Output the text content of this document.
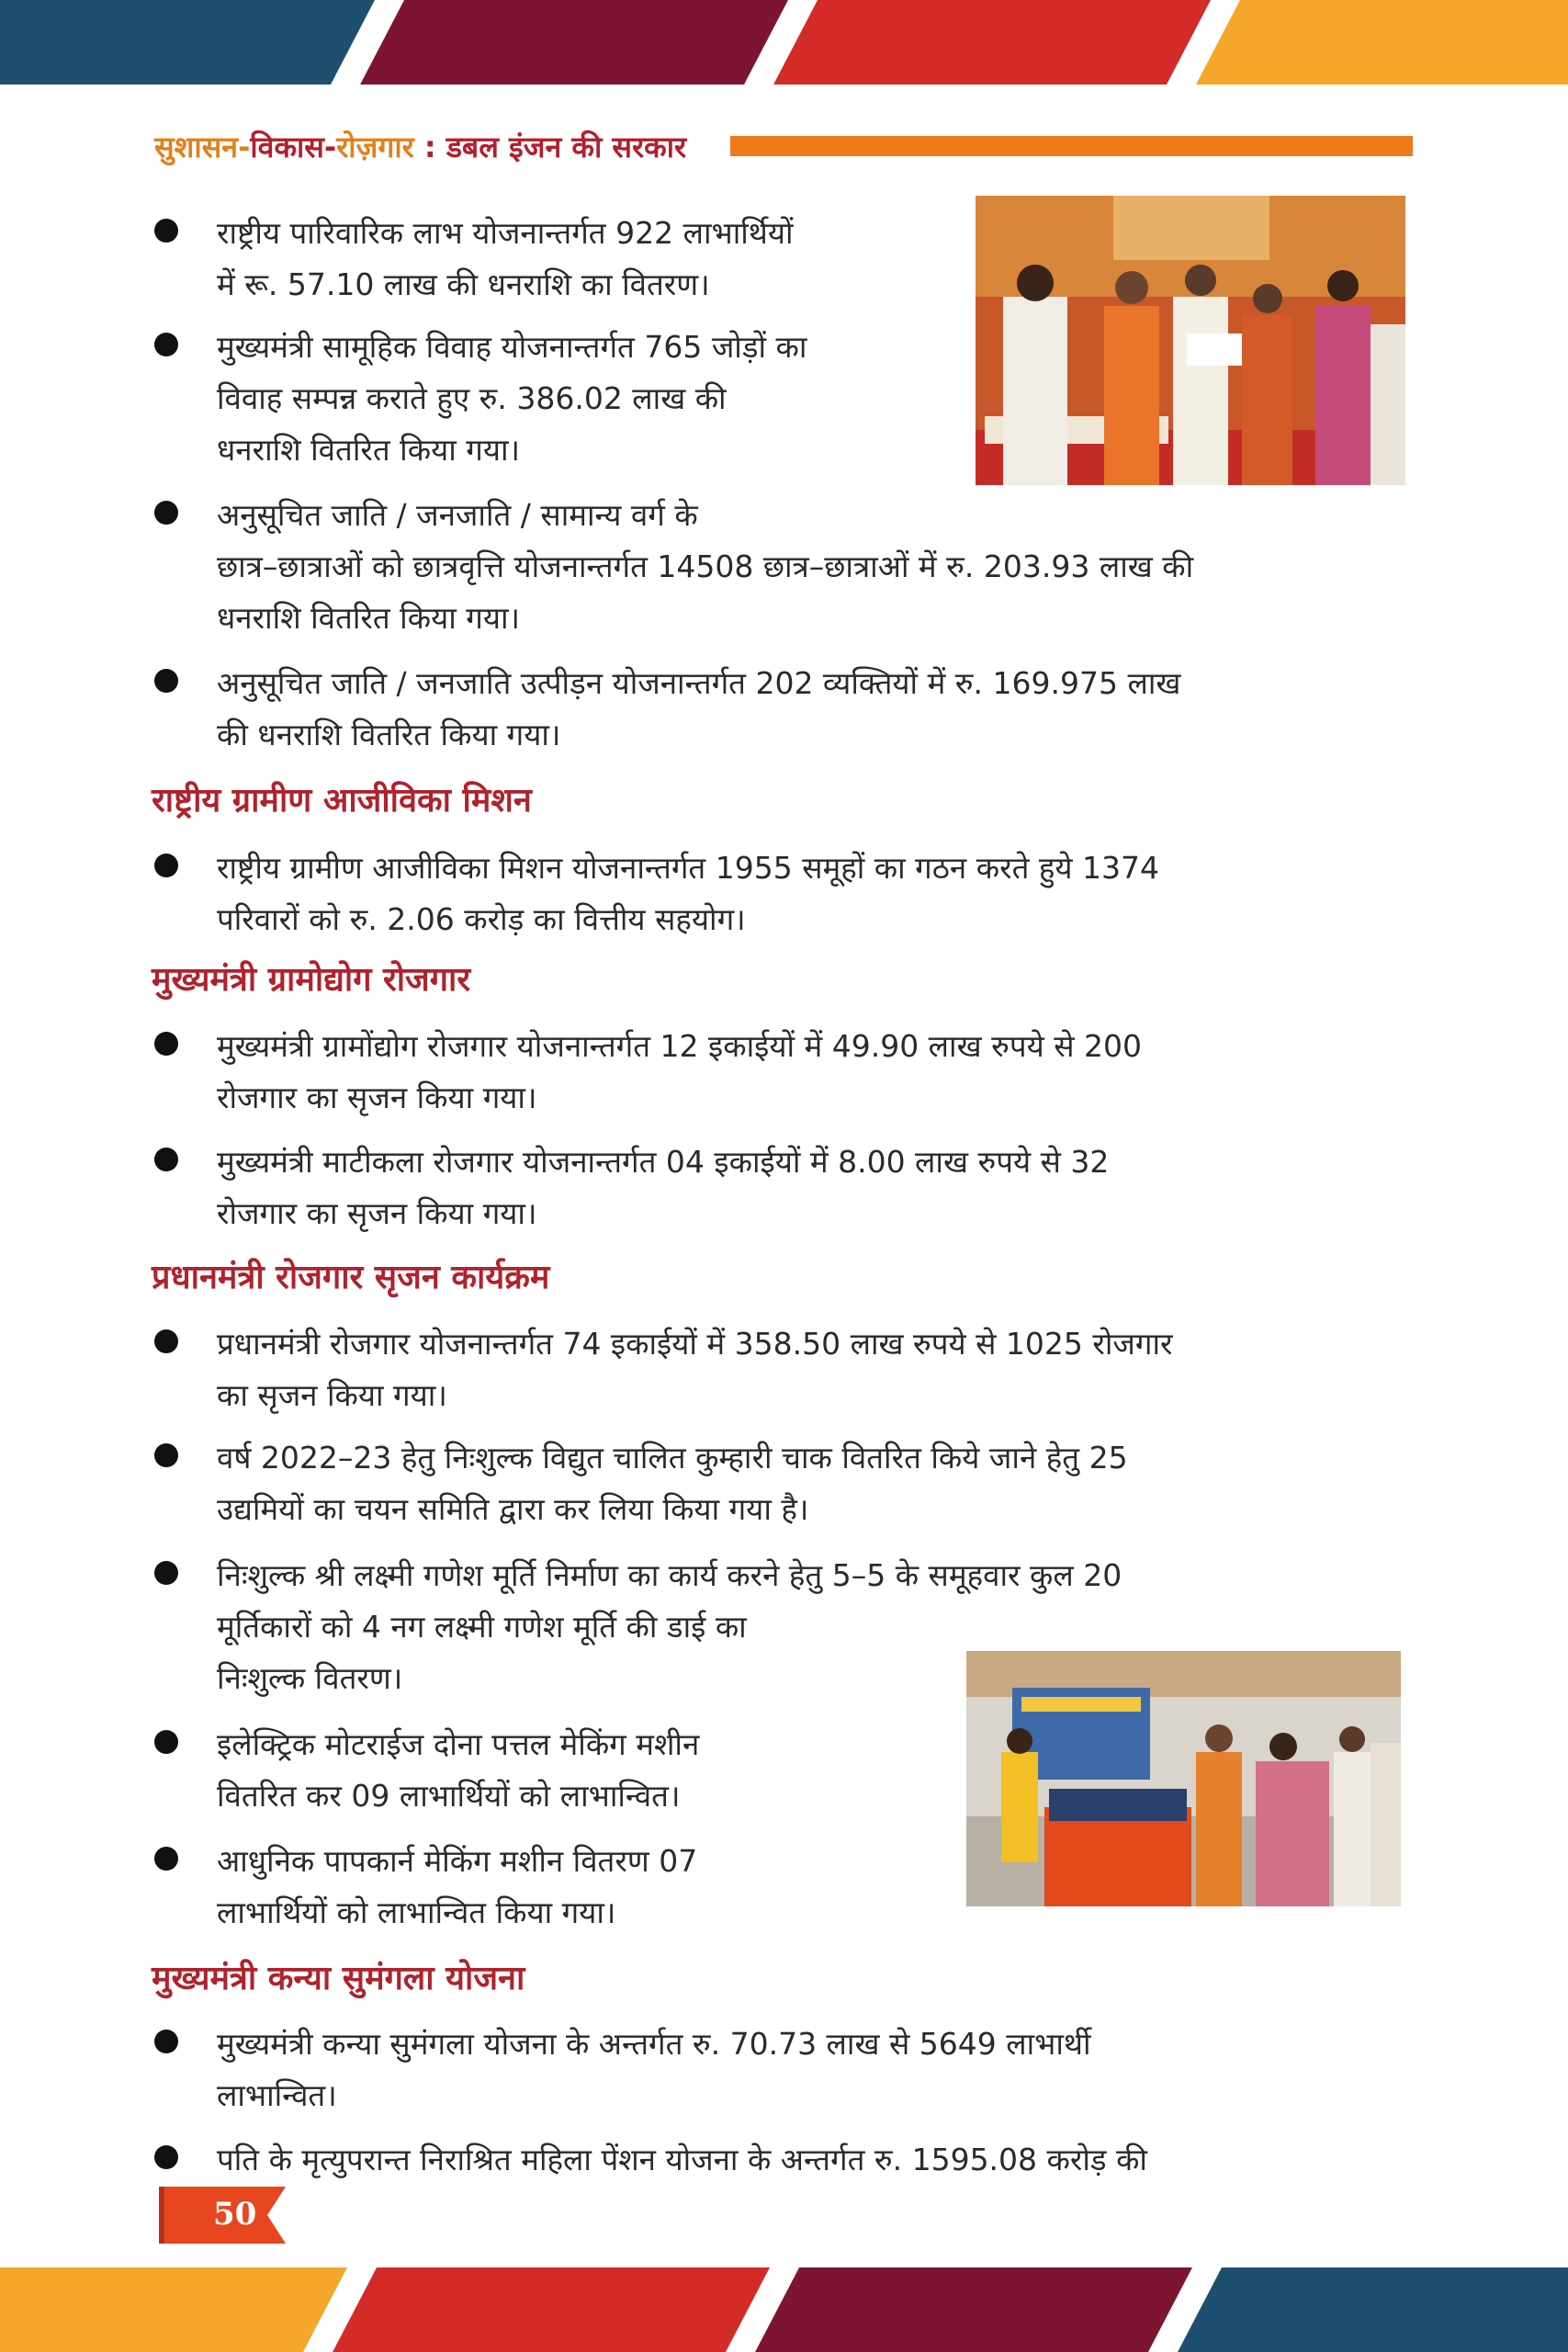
सुशासन-विकास-रोज़गार : डबल इंजन की सरकार
राष्ट्रीय पारिवारिक लाभ योजनान्तर्गत 922 लाभार्थियों
में रू. 57.10 लाख की धनराशि का वितरण।
मुख्यमंत्री सामूहिक विवाह योजनान्तर्गत 765 जोड़ों का
विवाह सम्पन्न कराते हुए रु. 386.02 लाख की
धनराशि वितरित किया गया।
अनुसूचित जाति / जनजाति / सामान्य वर्ग के
छात्र–छात्राओं को छात्रवृत्ति योजनान्तर्गत 14508 छात्र–छात्राओं में रु. 203.93 लाख की
धनराशि वितरित किया गया।
अनुसूचित जाति / जनजाति उत्पीड़न योजनान्तर्गत 202 व्यक्तियों में रु. 169.975 लाख
की धनराशि वितरित किया गया।
राष्ट्रीय ग्रामीण आजीविका मिशन
राष्ट्रीय ग्रामीण आजीविका मिशन योजनान्तर्गत 1955 समूहों का गठन करते हुये 1374
परिवारों को रु. 2.06 करोड़ का वित्तीय सहयोग।
मुख्यमंत्री ग्रामोद्योग रोजगार
मुख्यमंत्री ग्रामोंद्योग रोजगार योजनान्तर्गत 12 इकाईयों में 49.90 लाख रुपये से 200
रोजगार का सृजन किया गया।
मुख्यमंत्री माटीकला रोजगार योजनान्तर्गत 04 इकाईयों में 8.00 लाख रुपये से 32
रोजगार का सृजन किया गया।
प्रधानमंत्री रोजगार सृजन कार्यक्रम
प्रधानमंत्री रोजगार योजनान्तर्गत 74 इकाईयों में 358.50 लाख रुपये से 1025 रोजगार
का सृजन किया गया।
वर्ष 2022–23 हेतु निःशुल्क विद्युत चालित कुम्हारी चाक वितरित किये जाने हेतु 25
उद्यमियों का चयन समिति द्वारा कर लिया किया गया है।
निःशुल्क श्री लक्ष्मी गणेश मूर्ति निर्माण का कार्य करने हेतु 5–5 के समूहवार कुल 20
मूर्तिकारों को 4 नग लक्ष्मी गणेश मूर्ति की डाई का
निःशुल्क वितरण।
इलेक्ट्रिक मोटराईज दोना पत्तल मेकिंग मशीन
वितरित कर 09 लाभार्थियों को लाभान्वित।
आधुनिक पापकार्न मेकिंग मशीन वितरण 07
लाभार्थियों को लाभान्वित किया गया।
मुख्यमंत्री कन्या सुमंगला योजना
मुख्यमंत्री कन्या सुमंगला योजना के अन्तर्गत रु. 70.73 लाख से 5649 लाभार्थी
लाभान्वित।
पति के मृत्युपरान्त निराश्रित महिला पेंशन योजना के अन्तर्गत रु. 1595.08 करोड़ की
50
